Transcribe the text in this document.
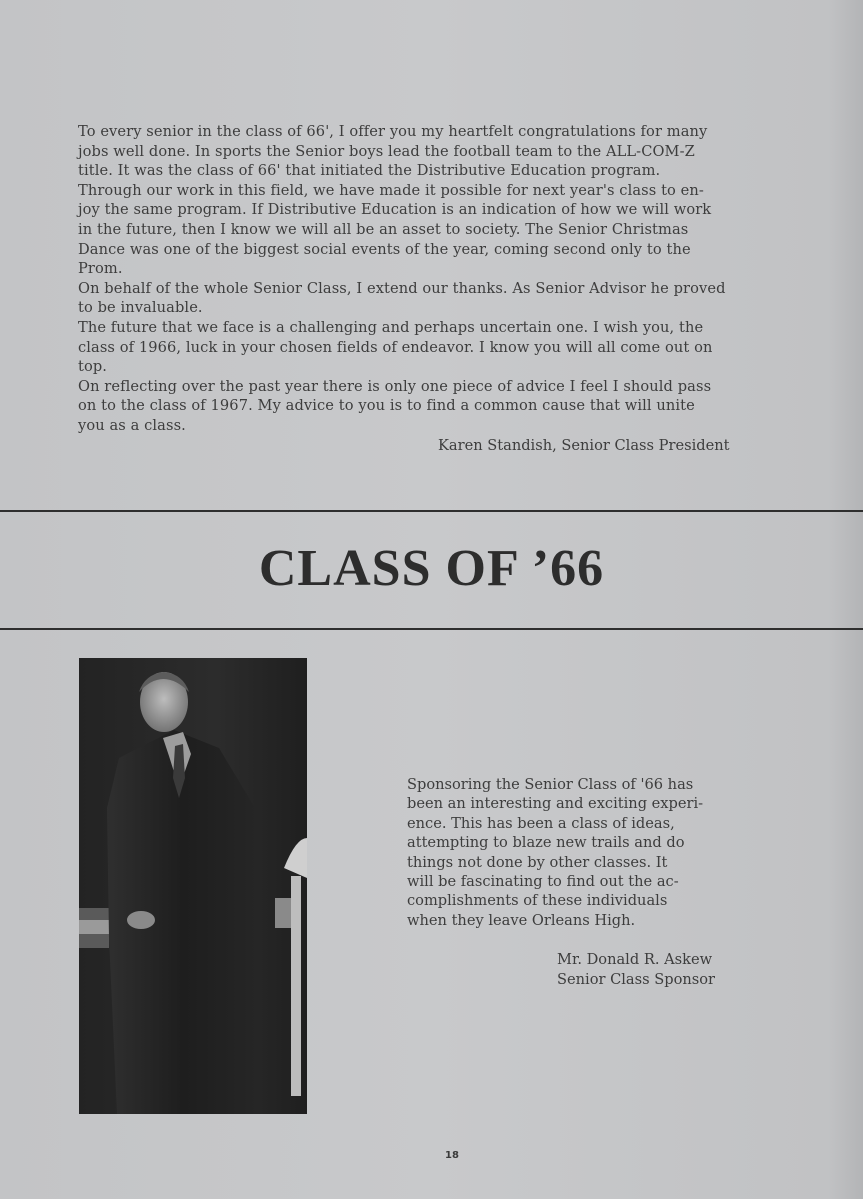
To every senior in the class of 66', I offer you my heartfelt congratulations for many
jobs well done. In sports the Senior boys lead the football team to the ALL-COM-Z
title. It was the class of 66' that initiated the Distributive Education program.
Through our work in this field, we have made it possible for next year's class to en-
joy the same program. If Distributive Education is an indication of how we will work
in the future, then I know we will all be an asset to society. The Senior Christmas
Dance was one of the biggest social events of the year, coming second only to the
Prom.
On behalf of the whole Senior Class, I extend our thanks. As Senior Advisor he proved
to be invaluable.
The future that we face is a challenging and perhaps uncertain one. I wish you, the
class of 1966, luck in your chosen fields of endeavor. I know you will all come out on
top.
On reflecting over the past year there is only one piece of advice I feel I should pass
on to the class of 1967. My advice to you is to find a common cause that will unite
you as a class.
Karen Standish, Senior Class President
CLASS OF ’66
Sponsoring the Senior Class of '66 has
been an interesting and exciting experi-
ence. This has been a class of ideas,
attempting to blaze new trails and do
things not done by other classes. It
will be fascinating to find out the ac-
complishments of these individuals
when they leave Orleans High.
Mr. Donald R. Askew
Senior Class Sponsor
18
